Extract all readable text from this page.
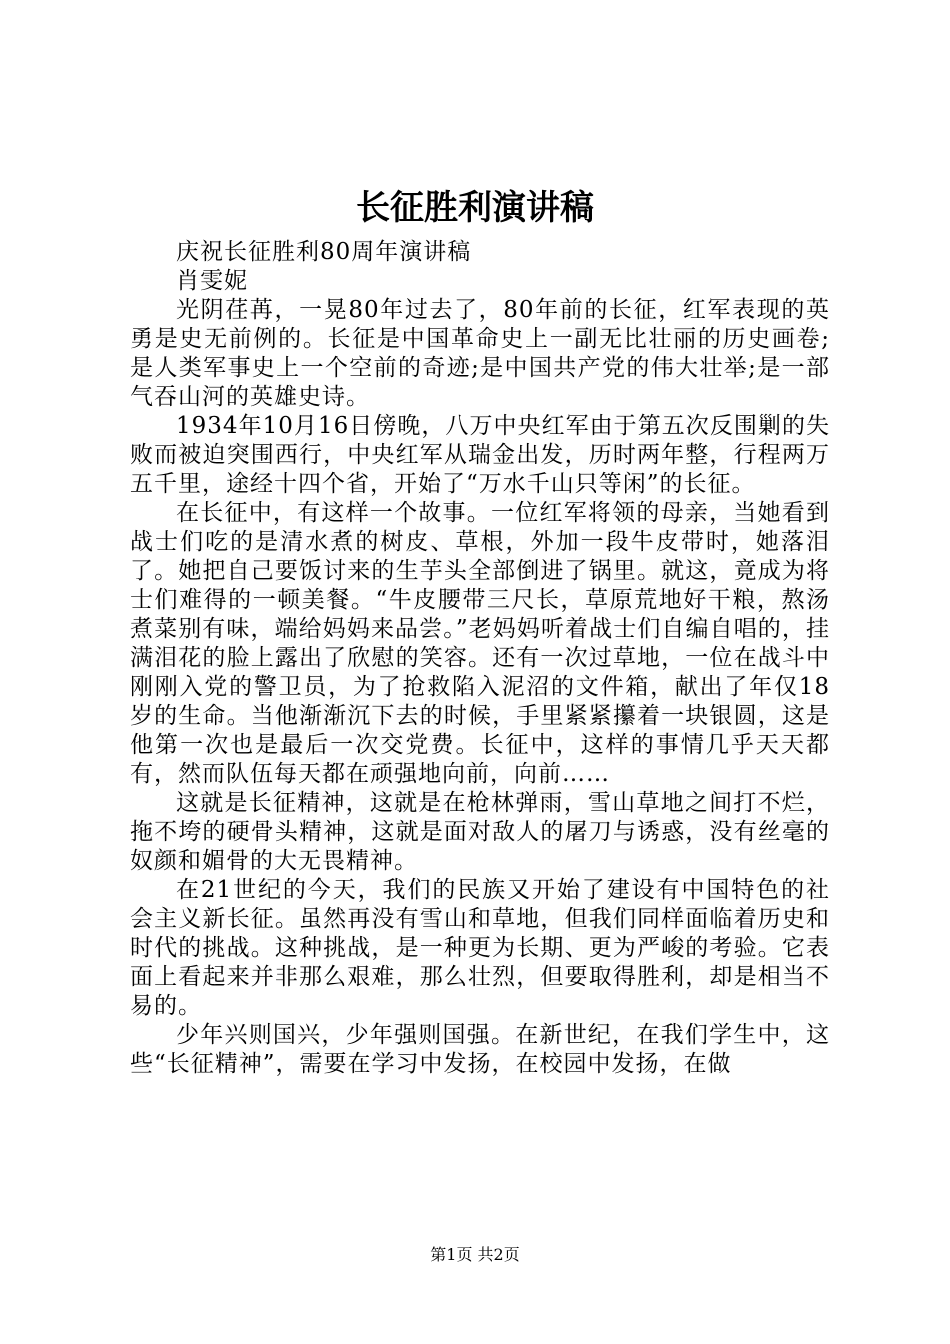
长征胜利演讲稿

庆祝长征胜利80周年演讲稿

肖雯妮

光阴荏苒，一晃80年过去了，80年前的长征，红军表现的英勇是史无前例的。长征是中国革命史上一副无比壮丽的历史画卷;是人类军事史上一个空前的奇迹;是中国共产党的伟大壮举;是一部气吞山河的英雄史诗。

1934年10月16日傍晚，八万中央红军由于第五次反围剿的失败而被迫突围西行，中央红军从瑞金出发，历时两年整，行程两万五千里，途经十四个省，开始了“万水千山只等闲”的长征。

在长征中，有这样一个故事。一位红军将领的母亲，当她看到战士们吃的是清水煮的树皮、草根，外加一段牛皮带时，她落泪了。她把自己要饭讨来的生芋头全部倒进了锅里。就这，竟成为将士们难得的一顿美餐。“牛皮腰带三尺长，草原荒地好干粮，熬汤煮菜别有味，端给妈妈来品尝。”老妈妈听着战士们自编自唱的，挂满泪花的脸上露出了欣慰的笑容。还有一次过草地，一位在战斗中刚刚入党的警卫员，为了抢救陷入泥沼的文件箱，献出了年仅18岁的生命。当他渐渐沉下去的时候，手里紧紧攥着一块银圆，这是他第一次也是最后一次交党费。长征中，这样的事情几乎天天都有，然而队伍每天都在顽强地向前，向前……

这就是长征精神，这就是在枪林弹雨，雪山草地之间打不烂，拖不垮的硬骨头精神，这就是面对敌人的屠刀与诱惑，没有丝毫的奴颜和媚骨的大无畏精神。

在21世纪的今天，我们的民族又开始了建设有中国特色的社会主义新长征。虽然再没有雪山和草地，但我们同样面临着历史和时代的挑战。这种挑战，是一种更为长期、更为严峻的考验。它表面上看起来并非那么艰难，那么壮烈，但要取得胜利，却是相当不易的。

少年兴则国兴，少年强则国强。在新世纪，在我们学生中，这些“长征精神”，需要在学习中发扬，在校园中发扬，在做

第1页 共2页
